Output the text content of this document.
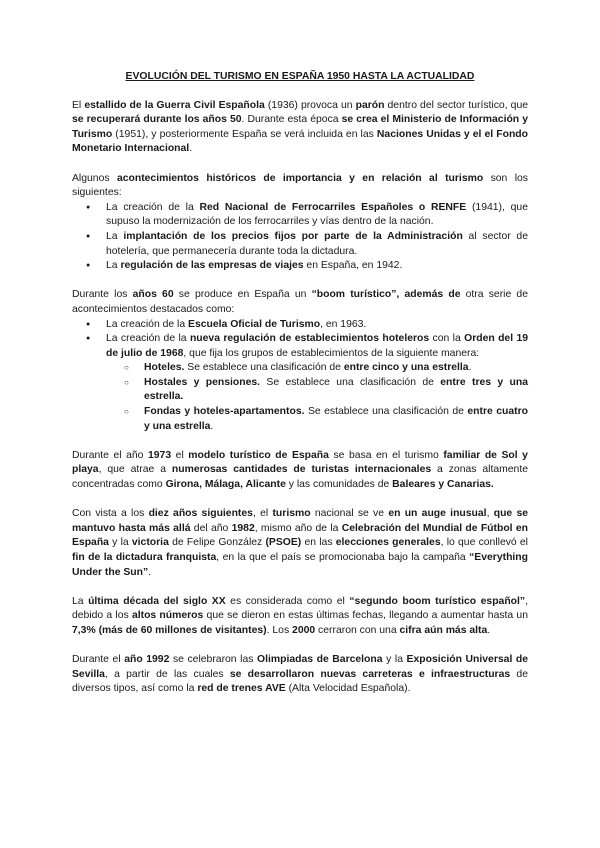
EVOLUCIÓN DEL TURISMO EN ESPAÑA 1950 HASTA LA ACTUALIDAD

El estallido de la Guerra Civil Española (1936) provoca un parón dentro del sector turístico, que se recuperará durante los años 50. Durante esta época se crea el Ministerio de Información y Turismo (1951), y posteriormente España se verá incluida en las Naciones Unidas y el el Fondo Monetario Internacional.

Algunos acontecimientos históricos de importancia y en relación al turismo son los siguientes:

● La creación de la Red Nacional de Ferrocarriles Españoles o RENFE (1941), que supuso la modernización de los ferrocarriles y vías dentro de la nación.
● La implantación de los precios fijos por parte de la Administración al sector de hotelería, que permanecería durante toda la dictadura.
● La regulación de las empresas de viajes en España, en 1942.

Durante los años 60 se produce en España un “boom turístico”, además de otra serie de acontecimientos destacados como:

● La creación de la Escuela Oficial de Turismo, en 1963.
● La creación de la nueva regulación de establecimientos hoteleros con la Orden del 19 de julio de 1968, que fija los grupos de establecimientos de la siguiente manera:
○ Hoteles. Se establece una clasificación de entre cinco y una estrella.
○ Hostales y pensiones. Se establece una clasificación de entre tres y una estrella.
○ Fondas y hoteles-apartamentos. Se establece una clasificación de entre cuatro y una estrella.

Durante el año 1973 el modelo turístico de España se basa en el turismo familiar de Sol y playa, que atrae a numerosas cantidades de turistas internacionales a zonas altamente concentradas como Girona, Málaga, Alicante y las comunidades de Baleares y Canarias.

Con vista a los diez años siguientes, el turismo nacional se ve en un auge inusual, que se mantuvo hasta más allá del año 1982, mismo año de la Celebración del Mundial de Fútbol en España y la victoria de Felipe González (PSOE) en las elecciones generales, lo que conllevó el fin de la dictadura franquista, en la que el país se promocionaba bajo la campaña “Everything Under the Sun”.

La última década del siglo XX es considerada como el “segundo boom turístico español”, debido a los altos números que se dieron en estas últimas fechas, llegando a aumentar hasta un 7,3% (más de 60 millones de visitantes). Los 2000 cerraron con una cifra aún más alta.

Durante el año 1992 se celebraron las Olimpiadas de Barcelona y la Exposición Universal de Sevilla, a partir de las cuales se desarrollaron nuevas carreteras e infraestructuras de diversos tipos, así como la red de trenes AVE (Alta Velocidad Española).
